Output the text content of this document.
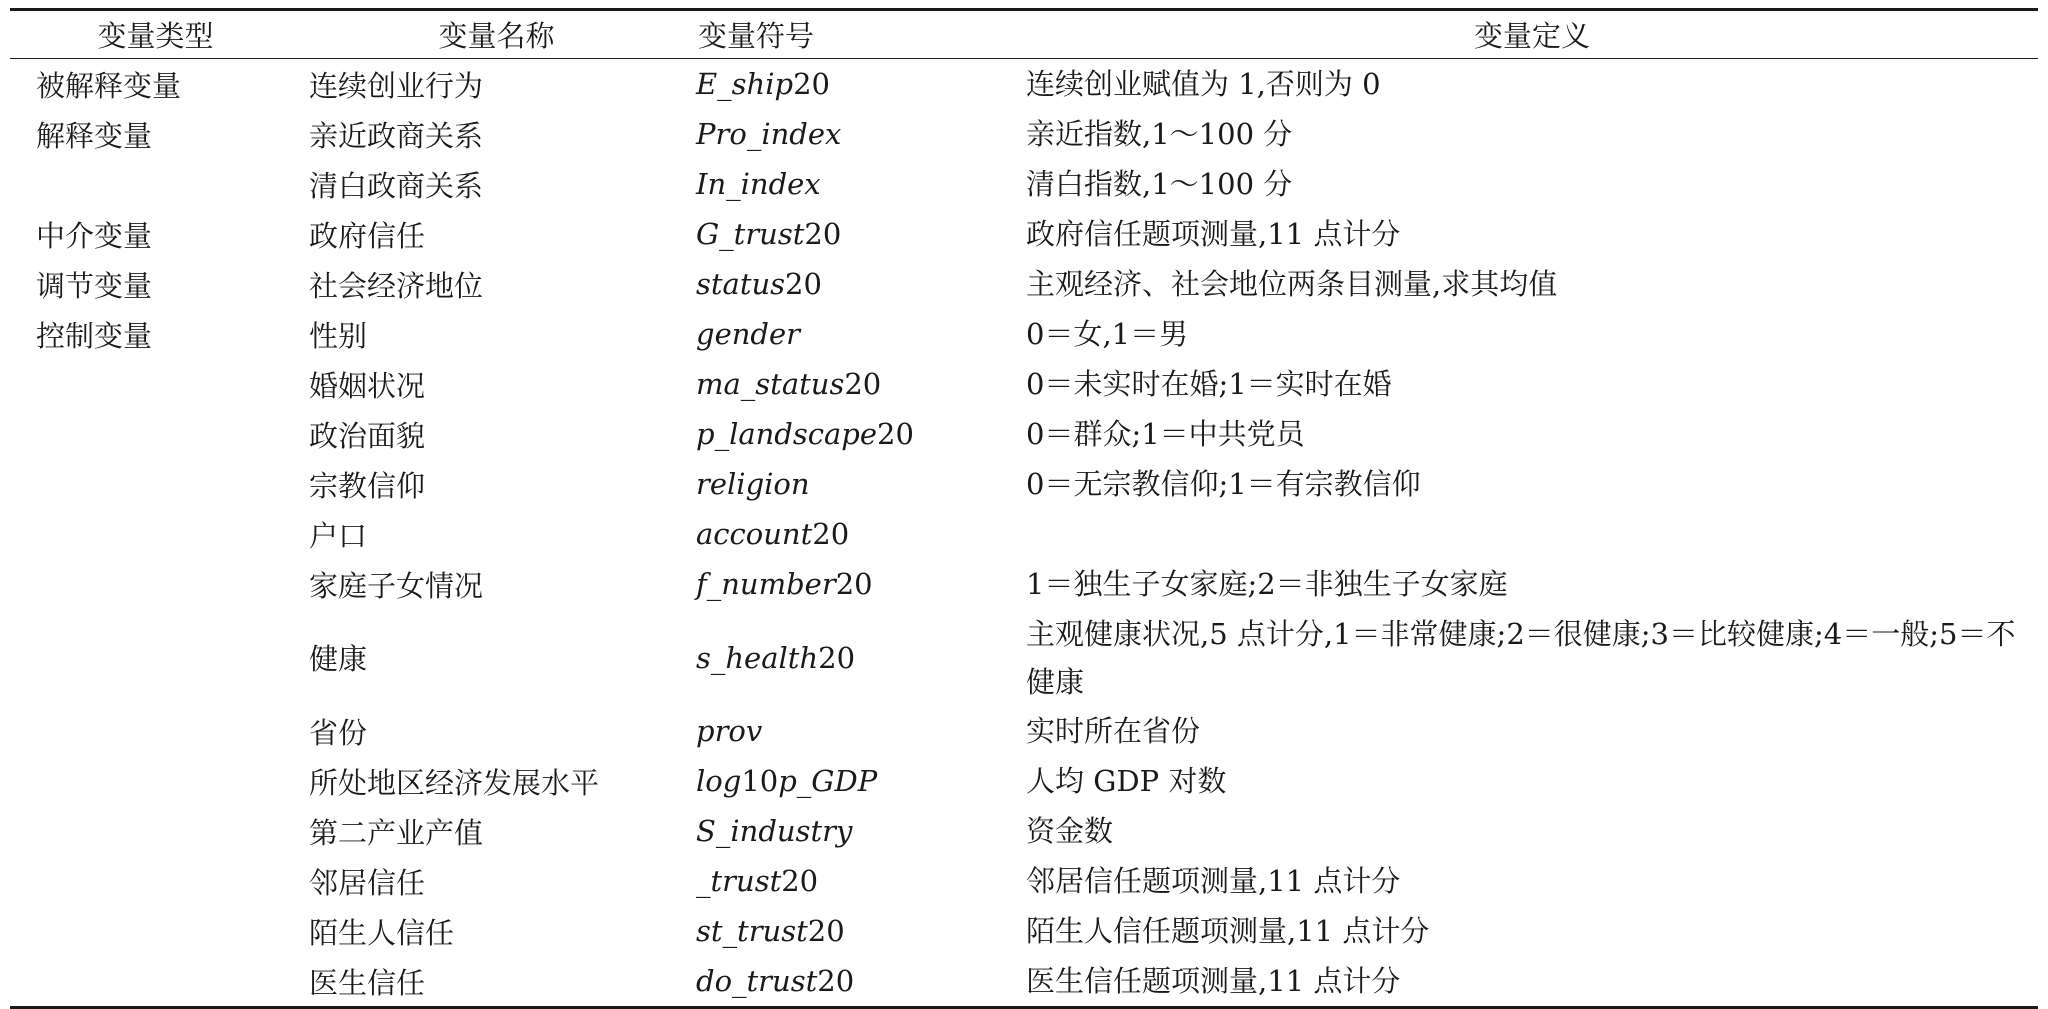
变量类型	变量名称	变量符号	变量定义
被解释变量	连续创业行为	E_ship20	连续创业赋值为 1,否则为 0
解释变量	亲近政商关系	Pro_index	亲近指数,1～100 分
	清白政商关系	In_index	清白指数,1～100 分
中介变量	政府信任	G_trust20	政府信任题项测量,11 点计分
调节变量	社会经济地位	status20	主观经济、社会地位两条目测量,求其均值
控制变量	性别	gender	0＝女,1＝男
	婚姻状况	ma_status20	0＝未实时在婚;1＝实时在婚
	政治面貌	p_landscape20	0＝群众;1＝中共党员
	宗教信仰	religion	0＝无宗教信仰;1＝有宗教信仰
	户口	account20	
	家庭子女情况	f_number20	1＝独生子女家庭;2＝非独生子女家庭
	健康	s_health20	主观健康状况,5 点计分,1＝非常健康;2＝很健康;3＝比较健康;4＝一般;5＝不健康
	省份	prov	实时所在省份
	所处地区经济发展水平	log10p_GDP	人均 GDP 对数
	第二产业产值	S_industry	资金数
	邻居信任	_trust20	邻居信任题项测量,11 点计分
	陌生人信任	st_trust20	陌生人信任题项测量,11 点计分
	医生信任	do_trust20	医生信任题项测量,11 点计分
